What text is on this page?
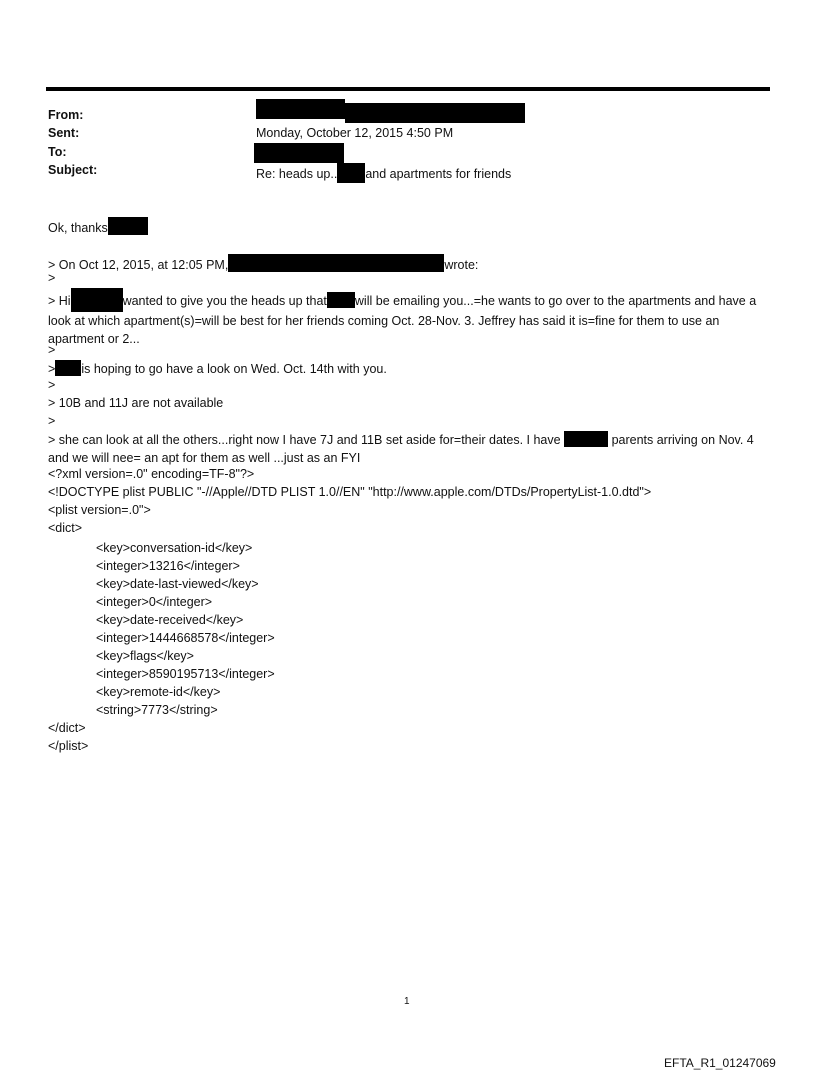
From:
Sent:	Monday, October 12, 2015 4:50 PM
To:
Subject:	Re: heads up.. and apartments for friends
Ok, thanks
> On Oct 12, 2015, at 12:05 PM,	wrote:
>
> Hi	wanted to give you the heads up that will be emailing you...=he wants to go over to the apartments and have a look at which apartment(s)=will be best for her friends coming Oct. 28-Nov. 3. Jeffrey has said it is=fine for them to use an apartment or 2...
>
> is hoping to go have a look on Wed. Oct. 14th with you.
>
> 10B and 11J are not available
>
> she can look at all the others...right now I have 7J and 11B set aside for=their dates. I have	parents arriving on Nov. 4 and we will nee= an apt for them as well ...just as an FYI
<?xml version=.0" encoding=TF-8"?>
<!DOCTYPE plist PUBLIC "-//Apple//DTD PLIST 1.0//EN" "http://www.apple.com/DTDs/PropertyList-1.0.dtd">
<plist version=.0">
<dict>
<key>conversation-id</key>
<integer>13216</integer>
<key>date-last-viewed</key>
<integer>0</integer>
<key>date-received</key>
<integer>1444668578</integer>
<key>flags</key>
<integer>8590195713</integer>
<key>remote-id</key>
<string>7773</string>
</dict>
</plist>
1
EFTA_R1_01247069
